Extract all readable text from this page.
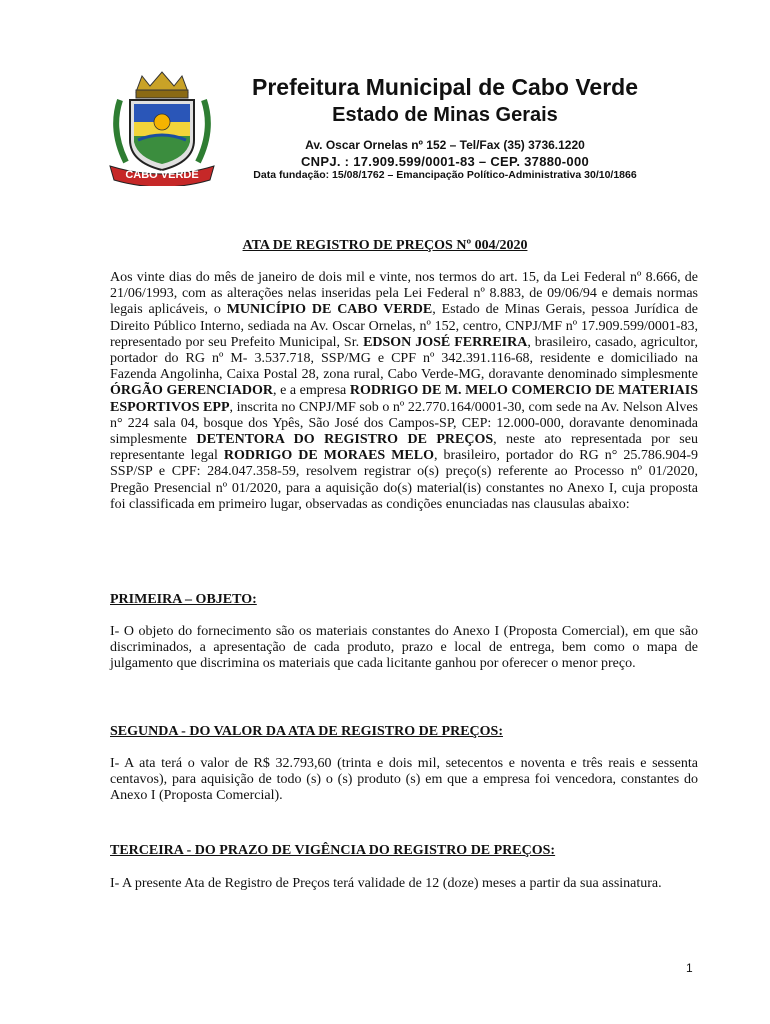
CABO VERDE
Prefeitura Municipal de Cabo Verde
Estado de Minas Gerais
Av. Oscar Ornelas nº 152 – Tel/Fax (35) 3736.1220
CNPJ. : 17.909.599/0001-83 – CEP. 37880-000
Data fundação: 15/08/1762 – Emancipação Político-Administrativa 30/10/1866
ATA DE REGISTRO DE PREÇOS Nº 004/2020

Aos vinte dias do mês de janeiro de dois mil e vinte, nos termos do art. 15, da Lei Federal nº 8.666, de 21/06/1993, com as alterações nelas inseridas pela Lei Federal nº 8.883, de 09/06/94 e demais normas legais aplicáveis, o MUNICÍPIO DE CABO VERDE, Estado de Minas Gerais, pessoa Jurídica de Direito Público Interno, sediada na Av. Oscar Ornelas, nº 152, centro, CNPJ/MF nº 17.909.599/0001-83, representado por seu Prefeito Municipal, Sr. EDSON JOSÉ FERREIRA, brasileiro, casado, agricultor, portador do RG nº M- 3.537.718, SSP/MG e CPF nº 342.391.116-68, residente e domiciliado na Fazenda Angolinha, Caixa Postal 28, zona rural, Cabo Verde-MG, doravante denominado simplesmente ÓRGÃO GERENCIADOR, e a empresa RODRIGO DE M. MELO COMERCIO DE MATERIAIS ESPORTIVOS EPP, inscrita no CNPJ/MF sob o nº 22.770.164/0001-30, com sede na Av. Nelson Alves n° 224 sala 04, bosque dos Ypês, São José dos Campos-SP, CEP: 12.000-000, doravante denominada simplesmente DETENTORA DO REGISTRO DE PREÇOS, neste ato representada por seu representante legal RODRIGO DE MORAES MELO, brasileiro, portador do RG n° 25.786.904-9 SSP/SP e CPF: 284.047.358-59, resolvem registrar o(s) preço(s) referente ao Processo nº 01/2020, Pregão Presencial nº 01/2020, para a aquisição do(s) material(is) constantes no Anexo I, cuja proposta foi classificada em primeiro lugar, observadas as condições enunciadas nas clausulas abaixo:

PRIMEIRA – OBJETO:

I- O objeto do fornecimento são os materiais constantes do Anexo I (Proposta Comercial), em que são discriminados, a apresentação de cada produto, prazo e local de entrega, bem como o mapa de julgamento que discrimina os materiais que cada licitante ganhou por oferecer o menor preço.

SEGUNDA - DO VALOR DA ATA DE REGISTRO DE PREÇOS:

I- A ata terá o valor de R$ 32.793,60 (trinta e dois mil, setecentos e noventa e três reais e sessenta centavos), para aquisição de todo (s) o (s) produto (s) em que a empresa foi vencedora, constantes do Anexo I (Proposta Comercial).

TERCEIRA - DO PRAZO DE VIGÊNCIA DO REGISTRO DE PREÇOS:

I- A presente Ata de Registro de Preços terá validade de 12 (doze) meses a partir da sua assinatura.

1
